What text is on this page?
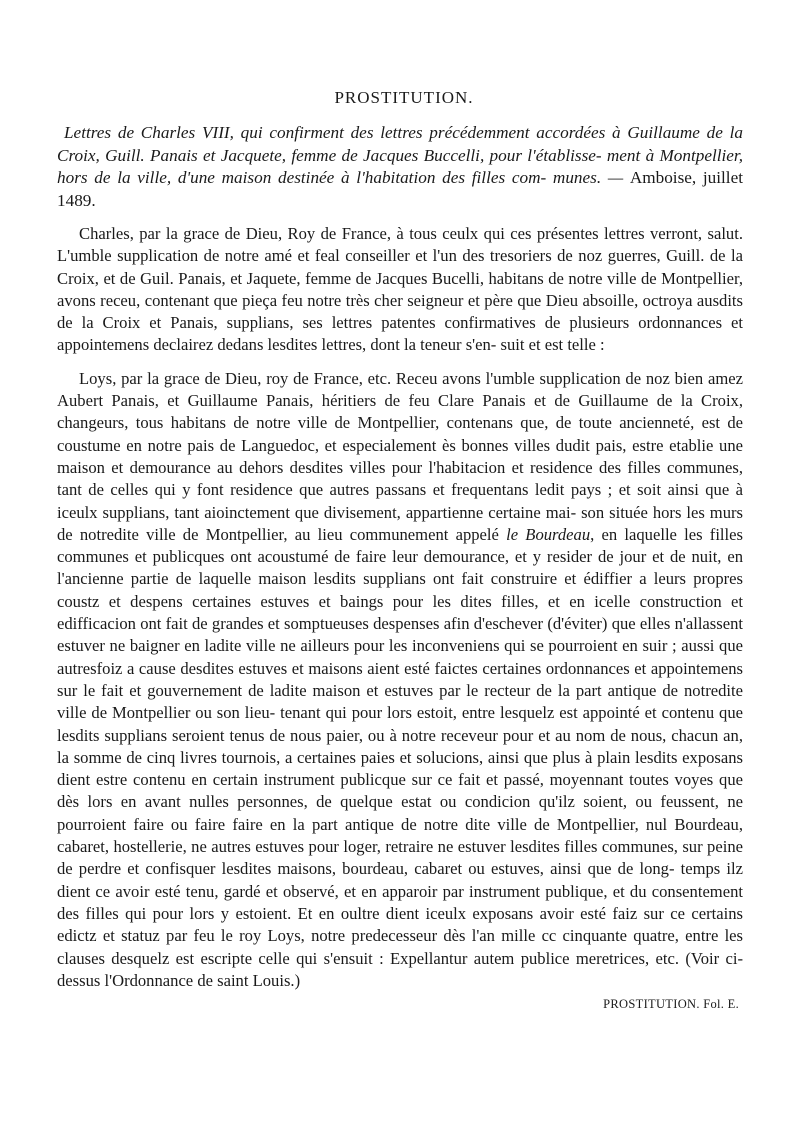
PROSTITUTION.
Lettres de Charles VIII, qui confirment des lettres précédemment accordées à Guillaume de la Croix, Guill. Panais et Jacquete, femme de Jacques Buccelli, pour l'établisse- ment à Montpellier, hors de la ville, d'une maison destinée à l'habitation des filles com- munes. — Amboise, juillet 1489.

Charles, par la grace de Dieu, Roy de France, à tous ceulx qui ces présentes lettres verront, salut. L'umble supplication de notre amé et feal conseiller et l'un des tresoriers de noz guerres, Guill. de la Croix, et de Guil. Panais, et Jaquete, femme de Jacques Bucelli, habitans de notre ville de Montpellier, avons receu, contenant que pieça feu notre très cher seigneur et père que Dieu absoille, octroya ausdits de la Croix et Panais, supplians, ses lettres patentes confirmatives de plusieurs ordonnances et appointemens declairez dedans lesdites lettres, dont la teneur s'en- suit et est telle :

Loys, par la grace de Dieu, roy de France, etc. Receu avons l'umble supplication de noz bien amez Aubert Panais, et Guillaume Panais, héritiers de feu Clare Panais et de Guillaume de la Croix, changeurs, tous habitans de notre ville de Montpellier, contenans que, de toute ancienneté, est de coustume en notre pais de Languedoc, et especialement ès bonnes villes dudit pais, estre etablie une maison et demourance au dehors desdites villes pour l'habitacion et residence des filles communes, tant de celles qui y font residence que autres passans et frequentans ledit pays ; et soit ainsi que à iceulx supplians, tant aioinctement que divisement, appartienne certaine mai- son située hors les murs de notredite ville de Montpellier, au lieu communement appelé le Bourdeau, en laquelle les filles communes et publicques ont acoustumé de faire leur demourance, et y resider de jour et de nuit, en l'ancienne partie de laquelle maison lesdits supplians ont fait construire et édiffier a leurs propres coustz et despens certaines estuves et baings pour les dites filles, et en icelle construction et edifficacion ont fait de grandes et somptueuses despenses afin d'eschever (d'éviter) que elles n'allassent estuver ne baigner en ladite ville ne ailleurs pour les inconveniens qui se pourroient en suir ; aussi que autresfoiz a cause desdites estuves et maisons aient esté faictes certaines ordonnances et appointemens sur le fait et gouvernement de ladite maison et estuves par le recteur de la part antique de notredite ville de Montpellier ou son lieu- tenant qui pour lors estoit, entre lesquelz est appointé et contenu que lesdits supplians seroient tenus de nous paier, ou à notre receveur pour et au nom de nous, chacun an, la somme de cinq livres tournois, a certaines paies et solucions, ainsi que plus à plain lesdits exposans dient estre contenu en certain instrument publicque sur ce fait et passé, moyennant toutes voyes que dès lors en avant nulles personnes, de quelque estat ou condicion qu'ilz soient, ou feussent, ne pourroient faire ou faire faire en la part antique de notre dite ville de Montpellier, nul Bourdeau, cabaret, hostellerie, ne autres estuves pour loger, retraire ne estuver lesdites filles communes, sur peine de perdre et confisquer lesdites maisons, bourdeau, cabaret ou estuves, ainsi que de long- temps ilz dient ce avoir esté tenu, gardé et observé, et en apparoir par instrument publique, et du consentement des filles qui pour lors y estoient. Et en oultre dient iceulx exposans avoir esté faiz sur ce certains edictz et statuz par feu le roy Loys, notre predecesseur dès l'an mille cc cinquante quatre, entre les clauses desquelz est escripte celle qui s'ensuit : Expellantur autem publice meretrices, etc. (Voir ci-dessus l'Ordonnance de saint Louis.)

PROSTITUTION. Fol. E.
